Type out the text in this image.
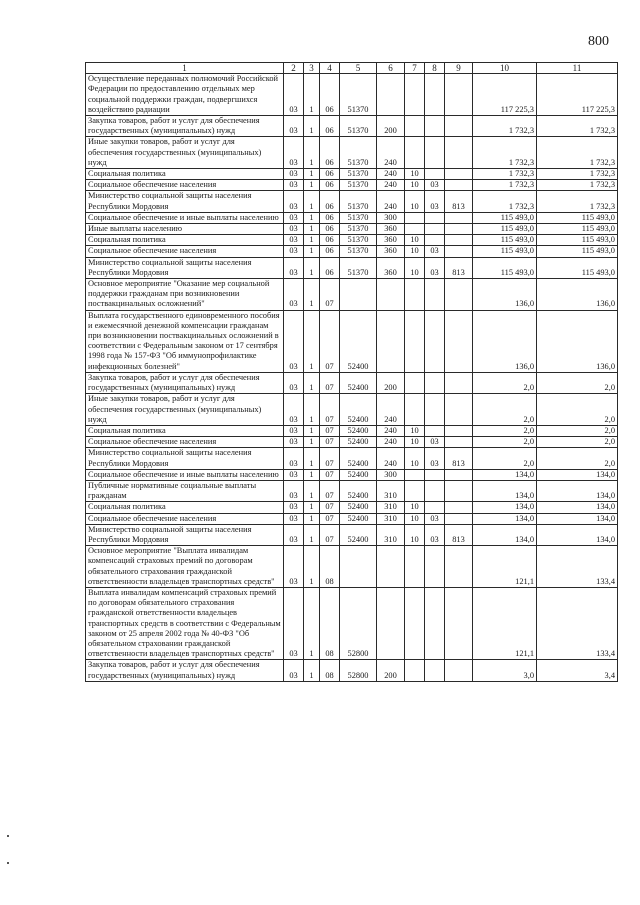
800
1	2	3	4	5	6	7	8	9	10	11
Осуществление переданных полномочий Российской Федерации по предоставлению отдельных мер социальной поддержки граждан, подвергшихся воздействию радиации	03	1	06	51370					117 225,3	117 225,3
Закупка товаров, работ и услуг для обеспечения государственных (муниципальных) нужд	03	1	06	51370	200				1 732,3	1 732,3
Иные закупки товаров, работ и услуг для обеспечения государственных (муниципальных) нужд	03	1	06	51370	240				1 732,3	1 732,3
Социальная политика	03	1	06	51370	240	10			1 732,3	1 732,3
Социальное обеспечение населения	03	1	06	51370	240	10	03		1 732,3	1 732,3
Министерство социальной защиты населения Республики Мордовия	03	1	06	51370	240	10	03	813	1 732,3	1 732,3
Социальное обеспечение и иные выплаты населению	03	1	06	51370	300				115 493,0	115 493,0
Иные выплаты населению	03	1	06	51370	360				115 493,0	115 493,0
Социальная политика	03	1	06	51370	360	10			115 493,0	115 493,0
Социальное обеспечение населения	03	1	06	51370	360	10	03		115 493,0	115 493,0
Министерство социальной защиты населения Республики Мордовия	03	1	06	51370	360	10	03	813	115 493,0	115 493,0
Основное мероприятие "Оказание мер социальной поддержки гражданам при возникновении поствакцинальных осложнений"	03	1	07						136,0	136,0
Выплата государственного единовременного пособия и ежемесячной денежной компенсации гражданам при возникновении поствакцинальных осложнений в соответствии с Федеральным законом от 17 сентября 1998 года № 157-ФЗ "Об иммунопрофилактике инфекционных болезней"	03	1	07	52400					136,0	136,0
Закупка товаров, работ и услуг для обеспечения государственных (муниципальных) нужд	03	1	07	52400	200				2,0	2,0
Иные закупки товаров, работ и услуг для обеспечения государственных (муниципальных) нужд	03	1	07	52400	240				2,0	2,0
Социальная политика	03	1	07	52400	240	10			2,0	2,0
Социальное обеспечение населения	03	1	07	52400	240	10	03		2,0	2,0
Министерство социальной защиты населения Республики Мордовия	03	1	07	52400	240	10	03	813	2,0	2,0
Социальное обеспечение и иные выплаты населению	03	1	07	52400	300				134,0	134,0
Публичные нормативные социальные выплаты гражданам	03	1	07	52400	310				134,0	134,0
Социальная политика	03	1	07	52400	310	10			134,0	134,0
Социальное обеспечение населения	03	1	07	52400	310	10	03		134,0	134,0
Министерство социальной защиты населения Республики Мордовия	03	1	07	52400	310	10	03	813	134,0	134,0
Основное мероприятие "Выплата инвалидам компенсаций страховых премий по договорам обязательного страхования гражданской ответственности владельцев транспортных средств"	03	1	08						121,1	133,4
Выплата инвалидам компенсаций страховых премий по договорам обязательного страхования гражданской ответственности владельцев транспортных средств в соответствии с Федеральным законом от 25 апреля 2002 года № 40-ФЗ "Об обязательном страховании гражданской ответственности владельцев транспортных средств"	03	1	08	52800					121,1	133,4
Закупка товаров, работ и услуг для обеспечения государственных (муниципальных) нужд	03	1	08	52800	200				3,0	3,4
